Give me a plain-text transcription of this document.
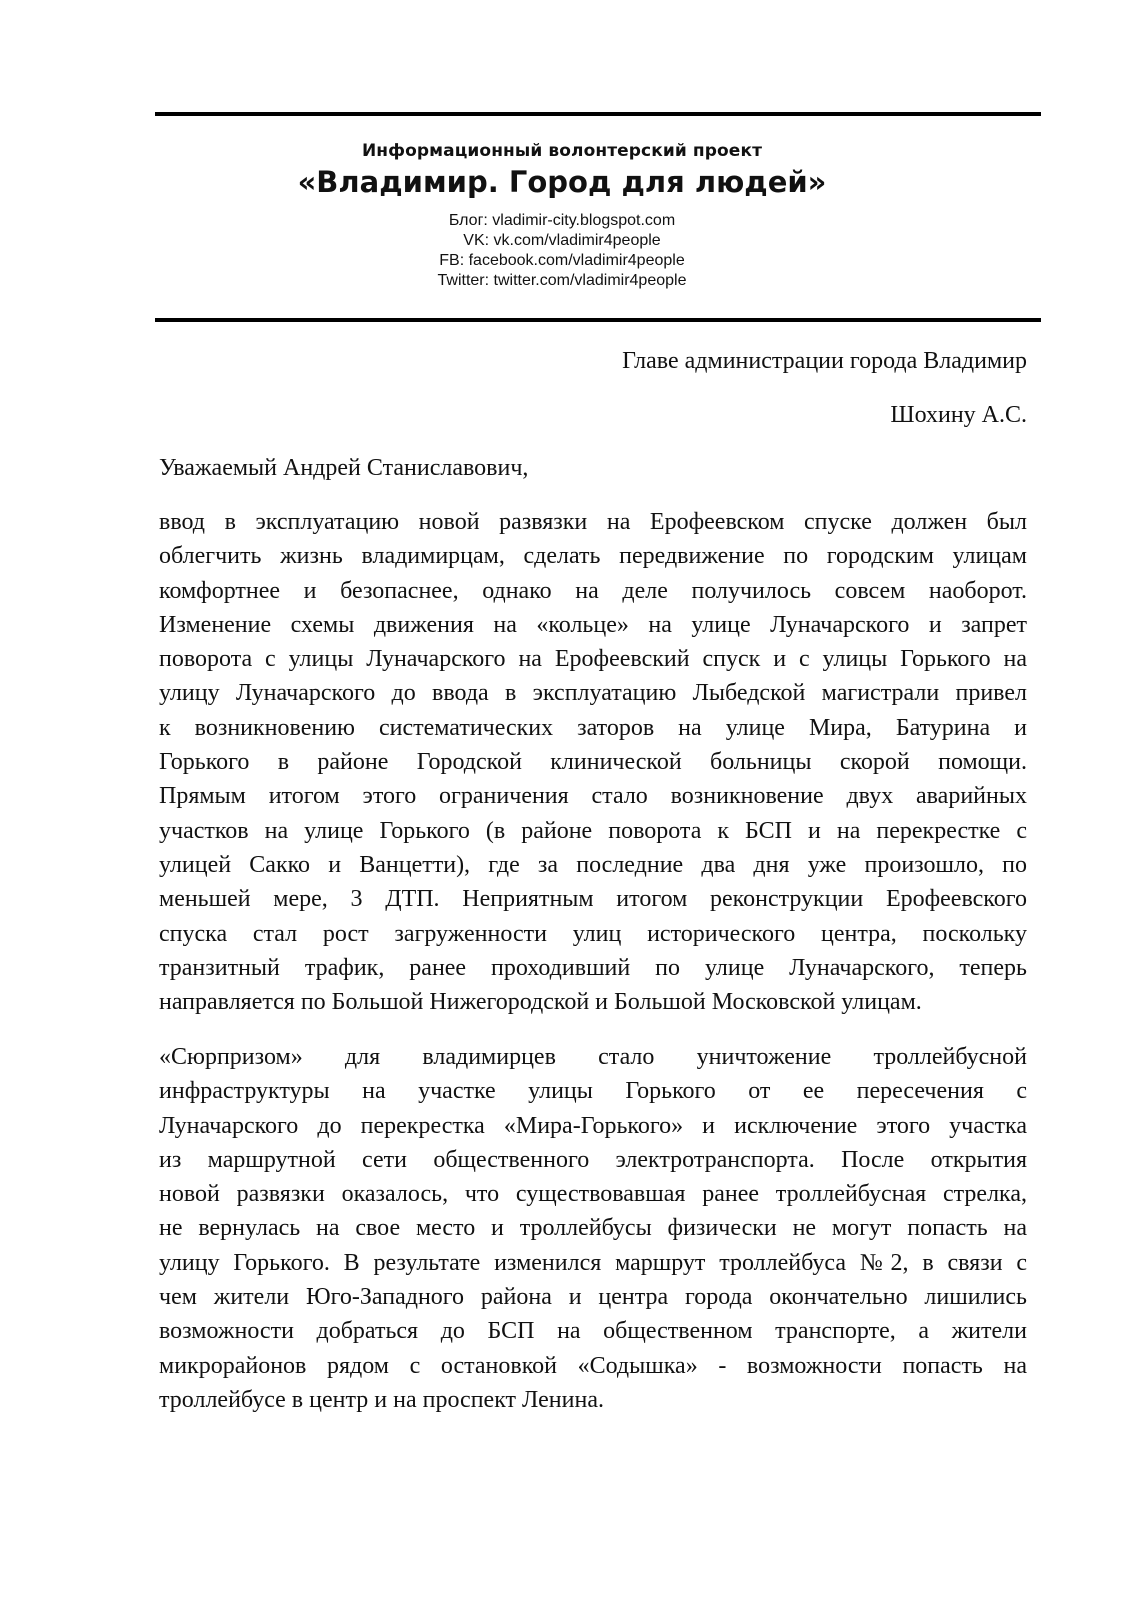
Информационный волонтерский проект
«Владимир. Город для людей»
Блог: vladimir-city.blogspot.com
VK: vk.com/vladimir4people
FB: facebook.com/vladimir4people
Twitter: twitter.com/vladimir4people
Главе администрации города Владимир
Шохину А.С.
Уважаемый Андрей Станиславович,
ввод в эксплуатацию новой развязки на Ерофеевском спуске должен был
облегчить жизнь владимирцам, сделать передвижение по городским улицам
комфортнее и безопаснее, однако на деле получилось совсем наоборот.
Изменение схемы движения на «кольце» на улице Луначарского и запрет
поворота с улицы Луначарского на Ерофеевский спуск и с улицы Горького на
улицу Луначарского до ввода в эксплуатацию Лыбедской магистрали привел
к возникновению систематических заторов на улице Мира, Батурина и
Горького в районе Городской клинической больницы скорой помощи.
Прямым итогом этого ограничения стало возникновение двух аварийных
участков на улице Горького (в районе поворота к БСП и на перекрестке с
улицей Сакко и Ванцетти), где за последние два дня уже произошло, по
меньшей мере, 3 ДТП. Неприятным итогом реконструкции Ерофеевского
спуска стал рост загруженности улиц исторического центра, поскольку
транзитный трафик, ранее проходивший по улице Луначарского, теперь
направляется по Большой Нижегородской и Большой Московской улицам.
«Сюрпризом» для владимирцев стало уничтожение троллейбусной
инфраструктуры на участке улицы Горького от ее пересечения с
Луначарского до перекрестка «Мира-Горького» и исключение этого участка
из маршрутной сети общественного электротранспорта. После открытия
новой развязки оказалось, что существовавшая ранее троллейбусная стрелка,
не вернулась на свое место и троллейбусы физически не могут попасть на
улицу Горького. В результате изменился маршрут троллейбуса №2, в связи с
чем жители Юго-Западного района и центра города окончательно лишились
возможности добраться до БСП на общественном транспорте, а жители
микрорайонов рядом с остановкой «Содышка» - возможности попасть на
троллейбусе в центр и на проспект Ленина.
